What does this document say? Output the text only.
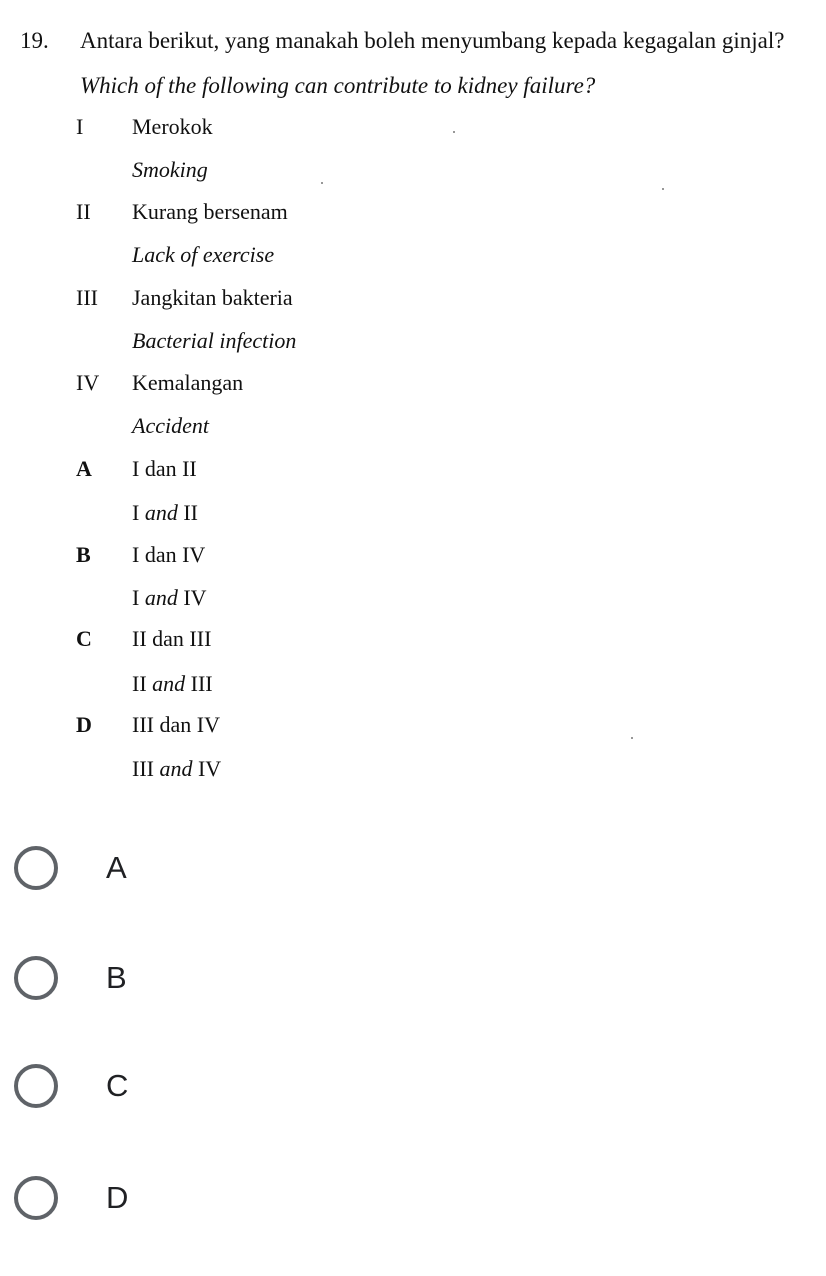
19. Antara berikut, yang manakah boleh menyumbang kepada kegagalan ginjal?
Which of the following can contribute to kidney failure?
I Merokok
Smoking
II Kurang bersenam
Lack of exercise
III Jangkitan bakteria
Bacterial infection
IV Kemalangan
Accident
A I dan II
I and II
B I dan IV
I and IV
C II dan III
II and III
D III dan IV
III and IV
A
B
C
D
